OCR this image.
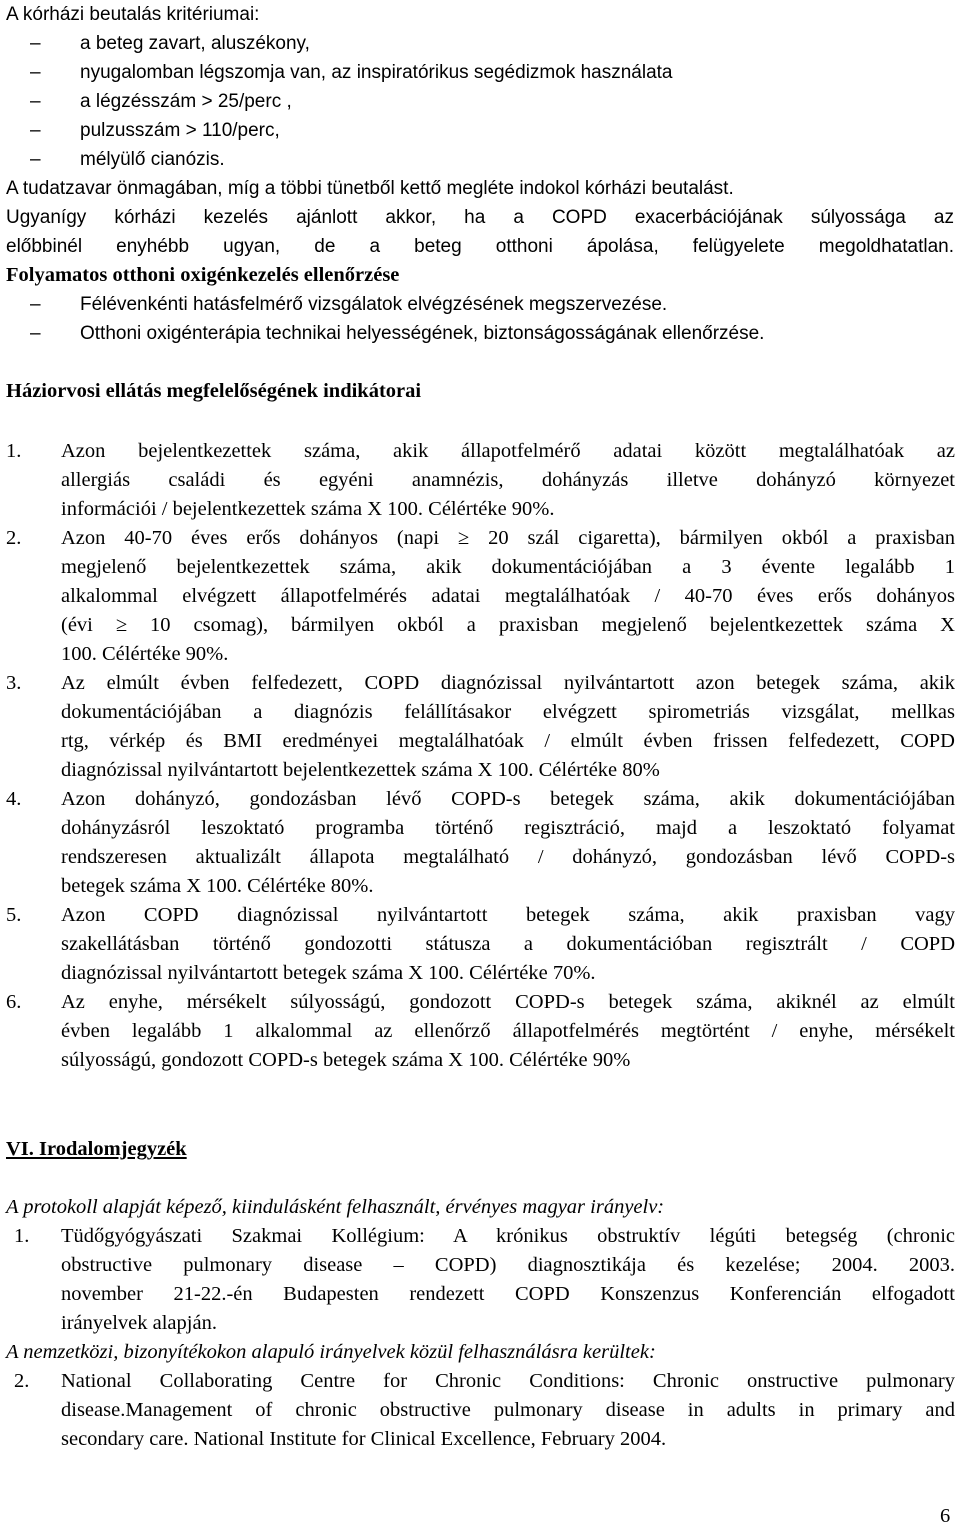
A kórházi beutalás kritériumai:
– a beteg zavart, aluszékony,
– nyugalomban légszomja van, az inspiratórikus segédizmok használata
– a légzésszám > 25/perc ,
– pulzusszám > 110/perc,
– mélyülő cianózis.
A tudatzavar önmagában, míg a többi tünetből kettő megléte indokol kórházi beutalást.
Ugyanígy kórházi kezelés ajánlott akkor, ha a COPD exacerbációjának súlyossága az
előbbinél enyhébb ugyan, de a beteg otthoni ápolása, felügyelete megoldhatatlan.
Folyamatos otthoni oxigénkezelés ellenőrzése
– Félévenkénti hatásfelmérő vizsgálatok elvégzésének megszervezése.
– Otthoni oxigénterápia technikai helyességének, biztonságosságának ellenőrzése.
Háziorvosi ellátás megfelelőségének indikátorai
1. Azon bejelentkezettek száma, akik állapotfelmérő adatai között megtalálhatóak az
allergiás családi és egyéni anamnézis, dohányzás illetve dohányzó környezet
információi / bejelentkezettek száma X 100. Célértéke 90%.
2. Azon 40-70 éves erős dohányos (napi ≥ 20 szál cigaretta), bármilyen okból a praxisban
megjelenő bejelentkezettek száma, akik dokumentációjában a 3 évente legalább 1
alkalommal elvégzett állapotfelmérés adatai megtalálhatóak / 40-70 éves erős dohányos
(évi ≥ 10 csomag), bármilyen okból a praxisban megjelenő bejelentkezettek száma X
100. Célértéke 90%.
3. Az elmúlt évben felfedezett, COPD diagnózissal nyilvántartott azon betegek száma, akik
dokumentációjában a diagnózis felállításakor elvégzett spirometriás vizsgálat, mellkas
rtg, vérkép és BMI eredményei megtalálhatóak / elmúlt évben frissen felfedezett, COPD
diagnózissal nyilvántartott bejelentkezettek száma X 100. Célértéke 80%
4. Azon dohányzó, gondozásban lévő COPD-s betegek száma, akik dokumentációjában
dohányzásról leszoktató programba történő regisztráció, majd a leszoktató folyamat
rendszeresen aktualizált állapota megtalálható / dohányzó, gondozásban lévő COPD-s
betegek száma X 100. Célértéke 80%.
5. Azon COPD diagnózissal nyilvántartott betegek száma, akik praxisban vagy
szakellátásban történő gondozotti státusza a dokumentációban regisztrált / COPD
diagnózissal nyilvántartott betegek száma X 100. Célértéke 70%.
6. Az enyhe, mérsékelt súlyosságú, gondozott COPD-s betegek száma, akiknél az elmúlt
évben legalább 1 alkalommal az ellenőrző állapotfelmérés megtörtént / enyhe, mérsékelt
súlyosságú, gondozott COPD-s betegek száma X 100. Célértéke 90%
VI. Irodalomjegyzék
A protokoll alapját képező, kiindulásként felhasznált, érvényes magyar irányelv:
1. Tüdőgyógyászati Szakmai Kollégium: A krónikus obstruktív légúti betegség (chronic
obstructive pulmonary disease – COPD) diagnosztikája és kezelése; 2004. 2003.
november 21-22.-én Budapesten rendezett COPD Konszenzus Konferencián elfogadott
irányelvek alapján.
A nemzetközi, bizonyítékokon alapuló irányelvek közül felhasználásra kerültek:
2. National Collaborating Centre for Chronic Conditions: Chronic onstructive pulmonary
disease.Management of chronic obstructive pulmonary disease in adults in primary and
secondary care. National Institute for Clinical Excellence, February 2004.
6
